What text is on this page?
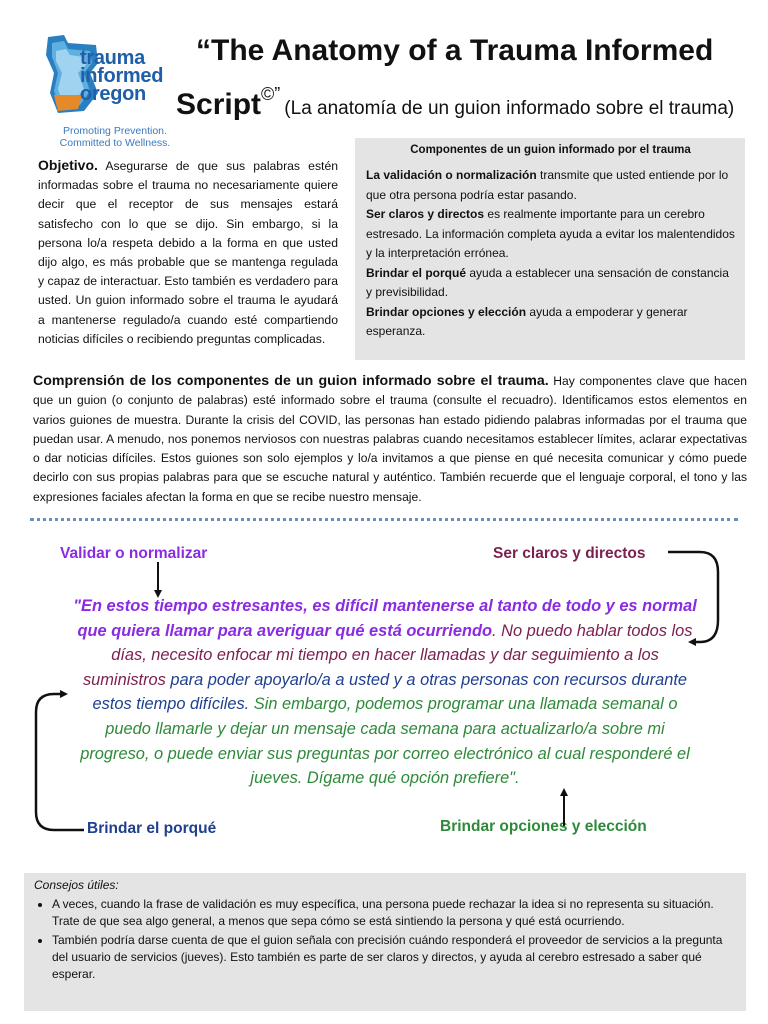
trauma
informed
oregon
Promoting Prevention.
Committed to Wellness.
“The Anatomy of a Trauma Informed
Script©”(La anatomía de un guion informado sobre el trauma)
Objetivo. Asegurarse de que sus palabras estén informadas sobre el trauma no necesariamente quiere decir que el receptor de sus mensajes estará satisfecho con lo que se dijo. Sin embargo, si la persona lo/a respeta debido a la forma en que usted dijo algo, es más probable que se mantenga regulada y capaz de interactuar. Esto también es verdadero para usted. Un guion informado sobre el trauma le ayudará a mantenerse regulado/a cuando esté compartiendo noticias difíciles o recibiendo preguntas complicadas.
Componentes de un guion informado por el trauma

La validación o normalización transmite que usted entiende por lo que otra persona podría estar pasando.

Ser claros y directos es realmente importante para un cerebro estresado. La información completa ayuda a evitar los malentendidos y la interpretación errónea.

Brindar el porqué ayuda a establecer una sensación de constancia y previsibilidad.

Brindar opciones y elección ayuda a empoderar y generar esperanza.

Comprensión de los componentes de un guion informado sobre el trauma. Hay componentes clave que hacen que un guion (o conjunto de palabras) esté informado sobre el trauma (consulte el recuadro). Identificamos estos elementos en varios guiones de muestra. Durante la crisis del COVID, las personas han estado pidiendo palabras informadas por el trauma que puedan usar. A menudo, nos ponemos nerviosos con nuestras palabras cuando necesitamos establecer límites, aclarar expectativas o dar noticias difíciles. Estos guiones son solo ejemplos y lo/a invitamos a que piense en qué necesita comunicar y cómo puede decirlo con sus propias palabras para que se escuche natural y auténtico. También recuerde que el lenguaje corporal, el tono y las expresiones faciales afectan la forma en que se recibe nuestro mensaje.
Validar o normalizar	Ser claros y directos
Brindar el porqué	Brindar opciones y elección
"En estos tiempo estresantes, es difícil mantenerse al tanto de todo y es normal que quiera llamar para averiguar qué está ocurriendo. No puedo hablar todos los días, necesito enfocar mi tiempo en hacer llamadas y dar seguimiento a los suministros para poder apoyarlo/a a usted y a otras personas con recursos durante estos tiempo difíciles. Sin embargo, podemos programar una llamada semanal o puedo llamarle y dejar un mensaje cada semana para actualizarlo/a sobre mi progreso, o puede enviar sus preguntas por correo electrónico al cual responderé el jueves. Dígame qué opción prefiere".
Consejos útiles:
• A veces, cuando la frase de validación es muy específica, una persona puede rechazar la idea si no representa su situación. Trate de que sea algo general, a menos que sepa cómo se está sintiendo la persona y qué está ocurriendo.
• También podría darse cuenta de que el guion señala con precisión cuándo responderá el proveedor de servicios a la pregunta del usuario de servicios (jueves). Esto también es parte de ser claros y directos, y ayuda al cerebro estresado a saber qué esperar.
